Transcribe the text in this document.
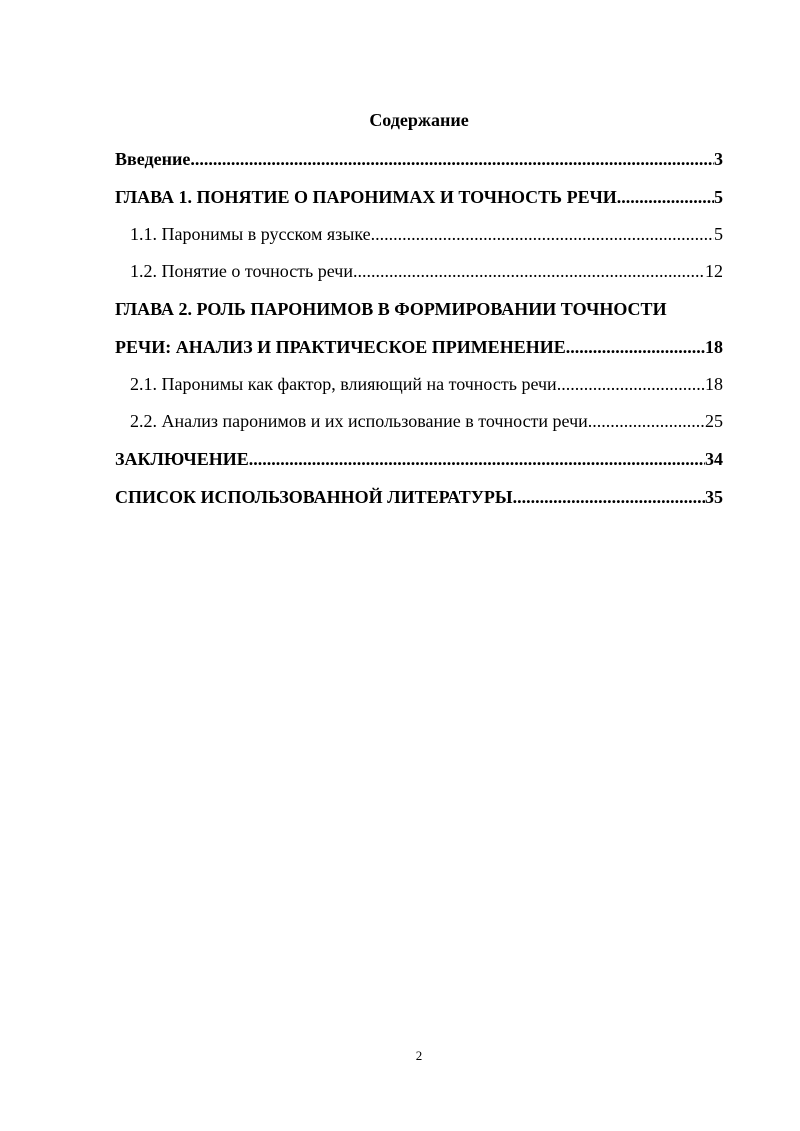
Содержание
Введение .....	3
ГЛАВА 1. ПОНЯТИЕ О ПАРОНИМАХ И ТОЧНОСТЬ РЕЧИ .....	5
1.1. Паронимы в русском языке .....	5
1.2. Понятие о точность речи .....	12
ГЛАВА 2. РОЛЬ ПАРОНИМОВ В ФОРМИРОВАНИИ ТОЧНОСТИ
РЕЧИ: АНАЛИЗ И ПРАКТИЧЕСКОЕ ПРИМЕНЕНИЕ .....	18
2.1. Паронимы как фактор, влияющий на точность речи .....	18
2.2. Анализ паронимов и их использование в точности речи .....	25
ЗАКЛЮЧЕНИЕ .....	34
СПИСОК ИСПОЛЬЗОВАННОЙ ЛИТЕРАТУРЫ .....	35
2
